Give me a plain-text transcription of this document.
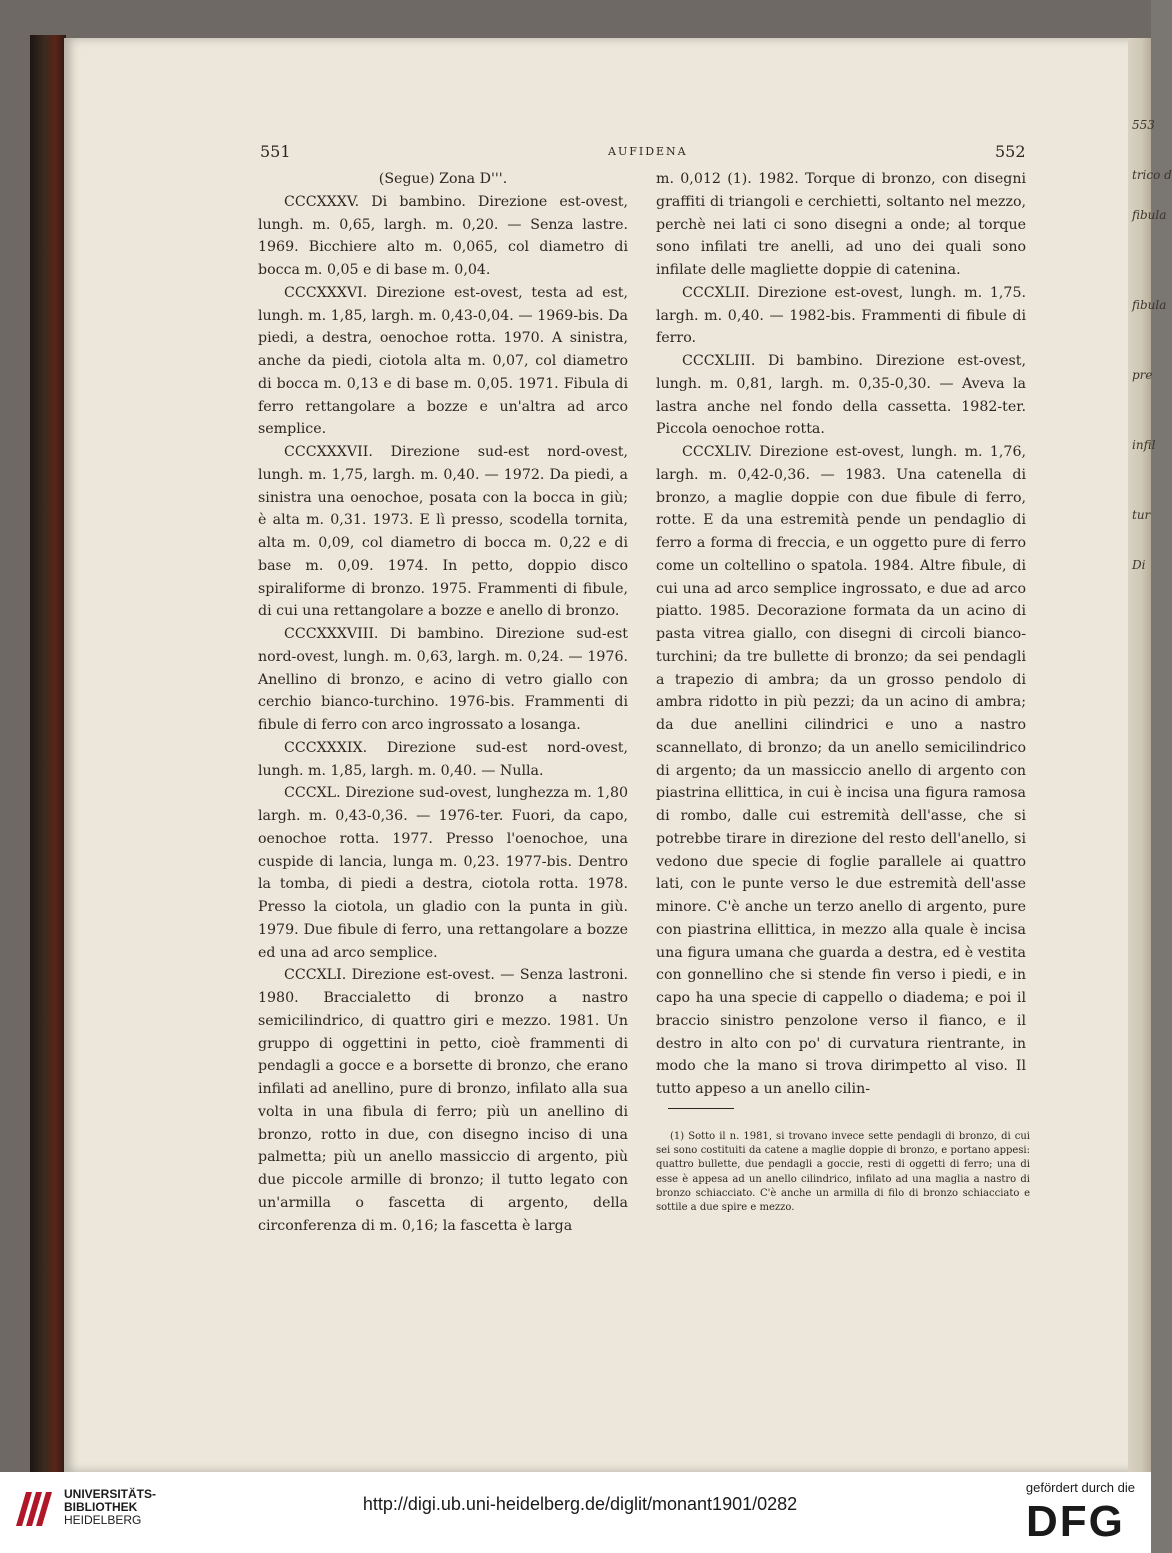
553
trico d
fibula
fibula
pre
infil
tur
Di
551	AUFIDENA	552

(Segue) Zona D'''.

CCCXXXV. Di bambino. Direzione est-ovest, lungh. m. 0,65, largh. m. 0,20. — Senza lastre. 1969. Bicchiere alto m. 0,065, col diametro di bocca m. 0,05 e di base m. 0,04.

CCCXXXVI. Direzione est-ovest, testa ad est, lungh. m. 1,85, largh. m. 0,43-0,04. — 1969-bis. Da piedi, a destra, oenochoe rotta. 1970. A sinistra, anche da piedi, ciotola alta m. 0,07, col diametro di bocca m. 0,13 e di base m. 0,05. 1971. Fibula di ferro rettangolare a bozze e un'altra ad arco semplice.

CCCXXXVII. Direzione sud-est nord-ovest, lungh. m. 1,75, largh. m. 0,40. — 1972. Da piedi, a sinistra una oenochoe, posata con la bocca in giù; è alta m. 0,31. 1973. E lì presso, scodella tornita, alta m. 0,09, col diametro di bocca m. 0,22 e di base m. 0,09. 1974. In petto, doppio disco spiraliforme di bronzo. 1975. Frammenti di fibule, di cui una rettangolare a bozze e anello di bronzo.

CCCXXXVIII. Di bambino. Direzione sud-est nord-ovest, lungh. m. 0,63, largh. m. 0,24. — 1976. Anellino di bronzo, e acino di vetro giallo con cerchio bianco-turchino. 1976-bis. Frammenti di fibule di ferro con arco ingrossato a losanga.

CCCXXXIX. Direzione sud-est nord-ovest, lungh. m. 1,85, largh. m. 0,40. — Nulla.

CCCXL. Direzione sud-ovest, lunghezza m. 1,80 largh. m. 0,43-0,36. — 1976-ter. Fuori, da capo, oenochoe rotta. 1977. Presso l'oenochoe, una cuspide di lancia, lunga m. 0,23. 1977-bis. Dentro la tomba, di piedi a destra, ciotola rotta. 1978. Presso la ciotola, un gladio con la punta in giù. 1979. Due fibule di ferro, una rettangolare a bozze ed una ad arco semplice.

CCCXLI. Direzione est-ovest. — Senza lastroni. 1980. Braccialetto di bronzo a nastro semicilindrico, di quattro giri e mezzo. 1981. Un gruppo di oggettini in petto, cioè frammenti di pendagli a gocce e a borsette di bronzo, che erano infilati ad anellino, pure di bronzo, infilato alla sua volta in una fibula di ferro; più un anellino di bronzo, rotto in due, con disegno inciso di una palmetta; più un anello massiccio di argento, più due piccole armille di bronzo; il tutto legato con un'armilla o fascetta di argento, della circonferenza di m. 0,16; la fascetta è larga

m. 0,012 (1). 1982. Torque di bronzo, con disegni graffiti di triangoli e cerchietti, soltanto nel mezzo, perchè nei lati ci sono disegni a onde; al torque sono infilati tre anelli, ad uno dei quali sono infilate delle magliette doppie di catenina.

CCCXLII. Direzione est-ovest, lungh. m. 1,75. largh. m. 0,40. — 1982-bis. Frammenti di fibule di ferro.

CCCXLIII. Di bambino. Direzione est-ovest, lungh. m. 0,81, largh. m. 0,35-0,30. — Aveva la lastra anche nel fondo della cassetta. 1982-ter. Piccola oenochoe rotta.

CCCXLIV. Direzione est-ovest, lungh. m. 1,76, largh. m. 0,42-0,36. — 1983. Una catenella di bronzo, a maglie doppie con due fibule di ferro, rotte. E da una estremità pende un pendaglio di ferro a forma di freccia, e un oggetto pure di ferro come un coltellino o spatola. 1984. Altre fibule, di cui una ad arco semplice ingrossato, e due ad arco piatto. 1985. Decorazione formata da un acino di pasta vitrea giallo, con disegni di circoli bianco-turchini; da tre bullette di bronzo; da sei pendagli a trapezio di ambra; da un grosso pendolo di ambra ridotto in più pezzi; da un acino di ambra; da due anellini cilindrici e uno a nastro scannellato, di bronzo; da un anello semicilindrico di argento; da un massiccio anello di argento con piastrina ellittica, in cui è incisa una figura ramosa di rombo, dalle cui estremità dell'asse, che si potrebbe tirare in direzione del resto dell'anello, si vedono due specie di foglie parallele ai quattro lati, con le punte verso le due estremità dell'asse minore. C'è anche un terzo anello di argento, pure con piastrina ellittica, in mezzo alla quale è incisa una figura umana che guarda a destra, ed è vestita con gonnellino che si stende fin verso i piedi, e in capo ha una specie di cappello o diadema; e poi il braccio sinistro penzolone verso il fianco, e il destro in alto con po' di curvatura rientrante, in modo che la mano si trova dirimpetto al viso. Il tutto appeso a un anello cilin-

(1) Sotto il n. 1981, si trovano invece sette pendagli di bronzo, di cui sei sono costituiti da catene a maglie doppie di bronzo, e portano appesi: quattro bullette, due pendagli a goccie, resti di oggetti di ferro; una di esse è appesa ad un anello cilindrico, infilato ad una maglia a nastro di bronzo schiacciato. C'è anche un armilla di filo di bronzo schiacciato e sottile a due spire e mezzo.
UNIVERSITÄTS-
BIBLIOTHEK
HEIDELBERG
http://digi.ub.uni-heidelberg.de/diglit/monant1901/0282
gefördert durch die
DFG
